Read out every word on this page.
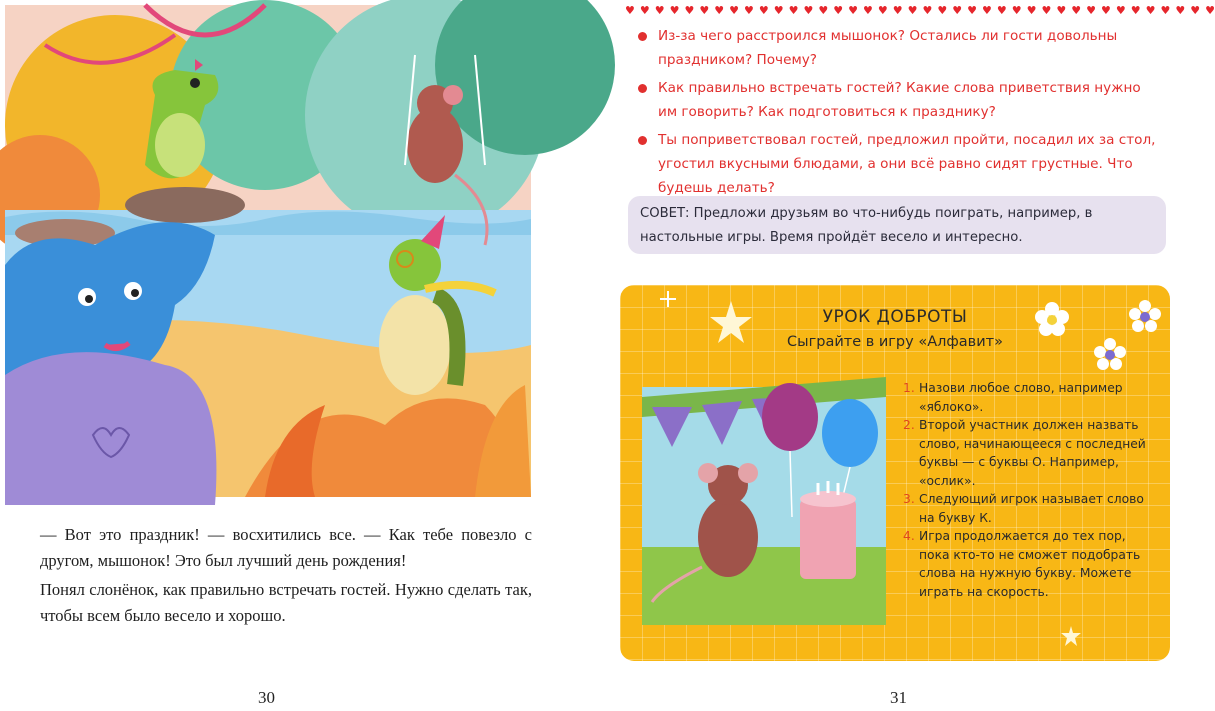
— Вот это праздник! — восхитились все. — Как тебе повезло с другом, мышонок! Это был лучший день рождения!

Понял слонёнок, как правильно встречать гостей. Нужно сделать так, чтобы всем было весело и хорошо.

30
♥ ♥ ♥ ♥ ♥ ♥ ♥ ♥ ♥ ♥ ♥ ♥ ♥ ♥ ♥ ♥ ♥ ♥ ♥ ♥ ♥ ♥ ♥ ♥ ♥ ♥ ♥ ♥ ♥ ♥ ♥ ♥ ♥ ♥ ♥ ♥ ♥ ♥ ♥ ♥
Из-за чего расстроился мышонок? Остались ли гости довольны праздником? Почему?
Как правильно встречать гостей? Какие слова приветствия нужно им говорить? Как подготовиться к празднику?
Ты поприветствовал гостей, предложил пройти, посадил их за стол, угостил вкусными блюдами, а они всё равно сидят грустные. Что будешь делать?
СОВЕТ: Предложи друзьям во что-нибудь поиграть, например, в настольные игры. Время пройдёт весело и интересно.
УРОК ДОБРОТЫ
Сыграйте в игру «Алфавит»
1. Назови любое слово, например «яблоко».
2. Второй участник должен назвать слово, начинающееся с последней буквы — с буквы О. Например, «ослик».
3. Следующий игрок называет слово на букву К.
4. Игра продолжается до тех пор, пока кто-то не сможет подобрать слова на нужную букву. Можете играть на скорость.
31
